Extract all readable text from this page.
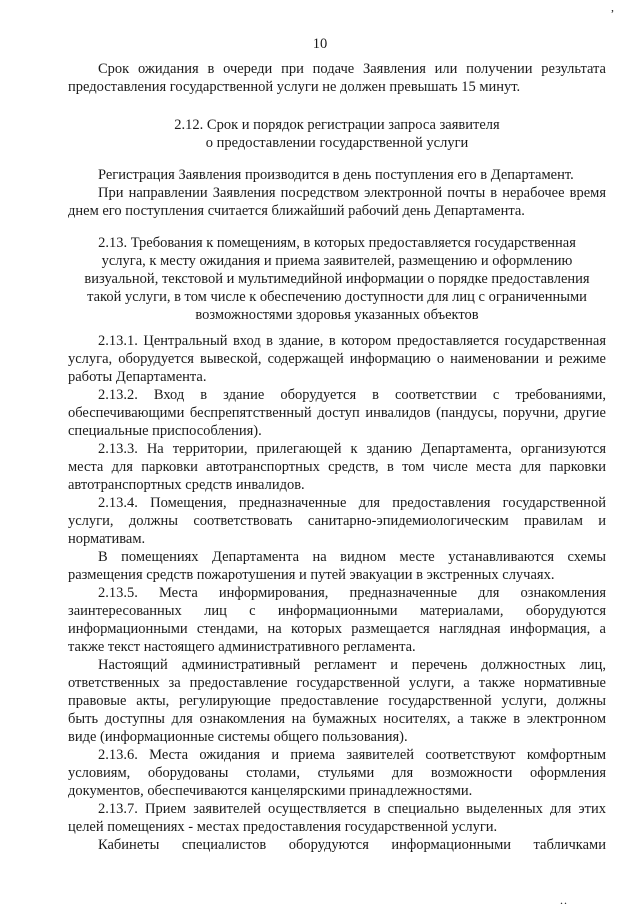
,
10
Срок ожидания в очереди при подаче Заявления или получении результата
предоставления государственной услуги не должен превышать 15 минут.
2.12. Срок и порядок регистрации запроса заявителя
о предоставлении государственной услуги
Регистрация Заявления производится в день поступления его в Департамент.
При направлении Заявления посредством электронной почты в нерабочее время
днем его поступления считается ближайший рабочий день Департамента.
2.13. Требования к помещениям, в которых предоставляется государственная
услуга, к месту ожидания и приема заявителей, размещению и оформлению
визуальной, текстовой и мультимедийной информации о порядке предоставления
такой услуги, в том числе к обеспечению доступности для лиц с ограниченными
возможностями здоровья указанных объектов
2.13.1. Центральный вход в здание, в котором предоставляется государственная
услуга, оборудуется вывеской, содержащей информацию о наименовании и режиме
работы Департамента.
2.13.2. Вход в здание оборудуется в соответствии с требованиями,
обеспечивающими беспрепятственный доступ инвалидов (пандусы, поручни, другие
специальные приспособления).
2.13.3. На территории, прилегающей к зданию Департамента, организуются
места для парковки автотранспортных средств, в том числе места для парковки
автотранспортных средств инвалидов.
2.13.4. Помещения, предназначенные для предоставления государственной
услуги, должны соответствовать санитарно-эпидемиологическим правилам и
нормативам.
В помещениях Департамента на видном месте устанавливаются схемы
размещения средств пожаротушения и путей эвакуации в экстренных случаях.
2.13.5. Места информирования, предназначенные для ознакомления
заинтересованных лиц с информационными материалами, оборудуются
информационными стендами, на которых размещается наглядная информация, а
также текст настоящего административного регламента.
Настоящий административный регламент и перечень должностных лиц,
ответственных за предоставление государственной услуги, а также нормативные
правовые акты, регулирующие предоставление государственной услуги, должны
быть доступны для ознакомления на бумажных носителях, а также в электронном
виде (информационные системы общего пользования).
2.13.6. Места ожидания и приема заявителей соответствуют комфортным
условиям, оборудованы столами, стульями для возможности оформления
документов, обеспечиваются канцелярскими принадлежностями.
2.13.7. Прием заявителей осуществляется в специально выделенных для этих
целей помещениях - местах предоставления государственной услуги.
Кабинеты специалистов оборудуются информационными табличками
..
